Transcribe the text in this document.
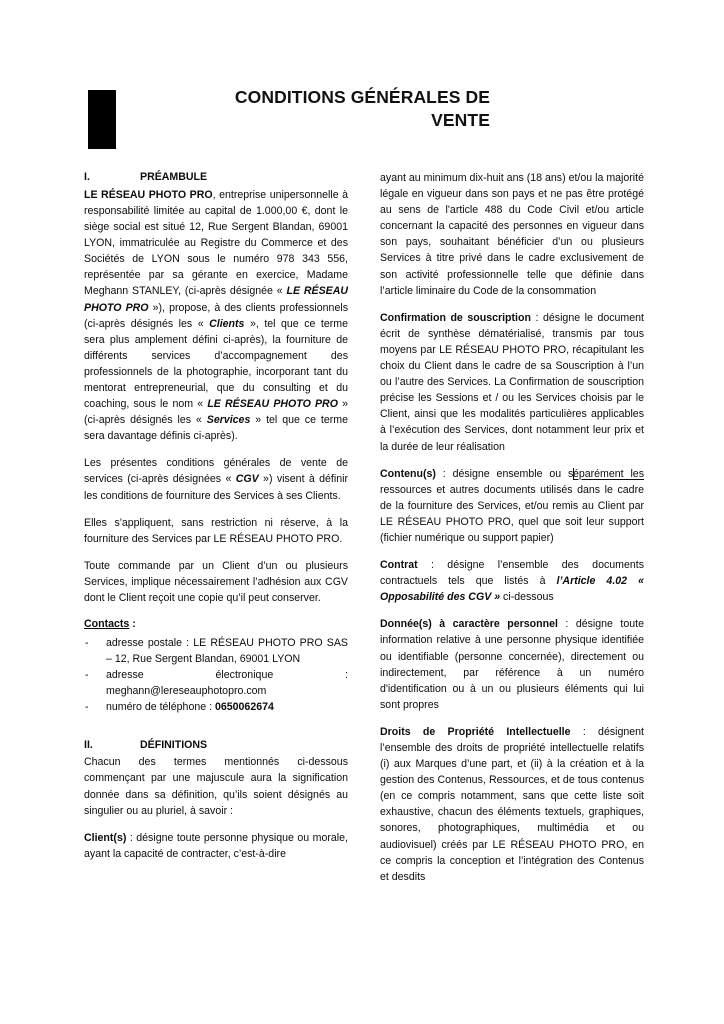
CONDITIONS GÉNÉRALES DE
VENTE
I.	PRÉAMBULE

LE RÉSEAU PHOTO PRO, entreprise unipersonnelle à responsabilité limitée au capital de 1.000,00 €, dont le siège social est situé 12, Rue Sergent Blandan, 69001 LYON, immatriculée au Registre du Commerce et des Sociétés de LYON sous le numéro 978 343 556, représentée par sa gérante en exercice, Madame Meghann STANLEY, (ci-après désignée « LE RÉSEAU PHOTO PRO »), propose, à des clients professionnels (ci-après désignés les « Clients », tel que ce terme sera plus amplement défini ci-après), la fourniture de différents services d’accompagnement des professionnels de la photographie, incorporant tant du mentorat entrepreneurial, que du consulting et du coaching, sous le nom « LE RÉSEAU PHOTO PRO » (ci-après désignés les « Services » tel que ce terme sera davantage définis ci-après).

Les présentes conditions générales de vente de services (ci-après désignées « CGV ») visent à définir les conditions de fourniture des Services à ses Clients.

Elles s'appliquent, sans restriction ni réserve, à la fourniture des Services par LE RÉSEAU PHOTO PRO.

Toute commande par un Client d’un ou plusieurs Services, implique nécessairement l’adhésion aux CGV dont le Client reçoit une copie qu’il peut conserver.

Contacts :
- adresse postale : LE RÉSEAU PHOTO PRO SAS – 12, Rue Sergent Blandan, 69001 LYON
- adresse électronique :
meghann@lereseauphotopro.com
- numéro de téléphone : 0650062674
II.	DÉFINITIONS

Chacun des termes mentionnés ci-dessous commençant par une majuscule aura la signification donnée dans sa définition, qu’ils soient désignés au singulier ou au pluriel, à savoir :

Client(s) : désigne toute personne physique ou morale, ayant la capacité de contracter, c’est-à-dire

ayant au minimum dix-huit ans (18 ans) et/ou la majorité légale en vigueur dans son pays et ne pas être protégé au sens de l'article 488 du Code Civil et/ou article concernant la capacité des personnes en vigueur dans son pays, souhaitant bénéficier d’un ou plusieurs Services à titre privé dans le cadre exclusivement de son activité professionnelle telle que définie dans l’article liminaire du Code de la consommation

Confirmation de souscription : désigne le document écrit de synthèse dématérialisé, transmis par tous moyens par LE RÉSEAU PHOTO PRO, récapitulant les choix du Client dans le cadre de sa Souscription à l’un ou l’autre des Services. La Confirmation de souscription précise les Sessions et / ou les Services choisis par le Client, ainsi que les modalités particulières applicables à l’exécution des Services, dont notamment leur prix et la durée de leur réalisation

Contenu(s) : désigne ensemble ou séparément les ressources et autres documents utilisés dans le cadre de la fourniture des Services, et/ou remis au Client par LE RÉSEAU PHOTO PRO, quel que soit leur support (fichier numérique ou support papier)

Contrat : désigne l’ensemble des documents contractuels tels que listés à l’Article 4.02 « Opposabilité des CGV » ci-dessous

Donnée(s) à caractère personnel : désigne toute information relative à une personne physique identifiée ou identifiable (personne concernée), directement ou indirectement, par référence à un numéro d'identification ou à un ou plusieurs éléments qui lui sont propres

Droits de Propriété Intellectuelle : désignent l’ensemble des droits de propriété intellectuelle relatifs (i) aux Marques d’une part, et (ii) à la création et à la gestion des Contenus, Ressources, et de tous contenus (en ce compris notamment, sans que cette liste soit exhaustive, chacun des éléments textuels, graphiques, sonores, photographiques, multimédia et ou audiovisuel) créés par LE RÉSEAU PHOTO PRO, en ce compris la conception et l’intégration des Contenus et desdits
